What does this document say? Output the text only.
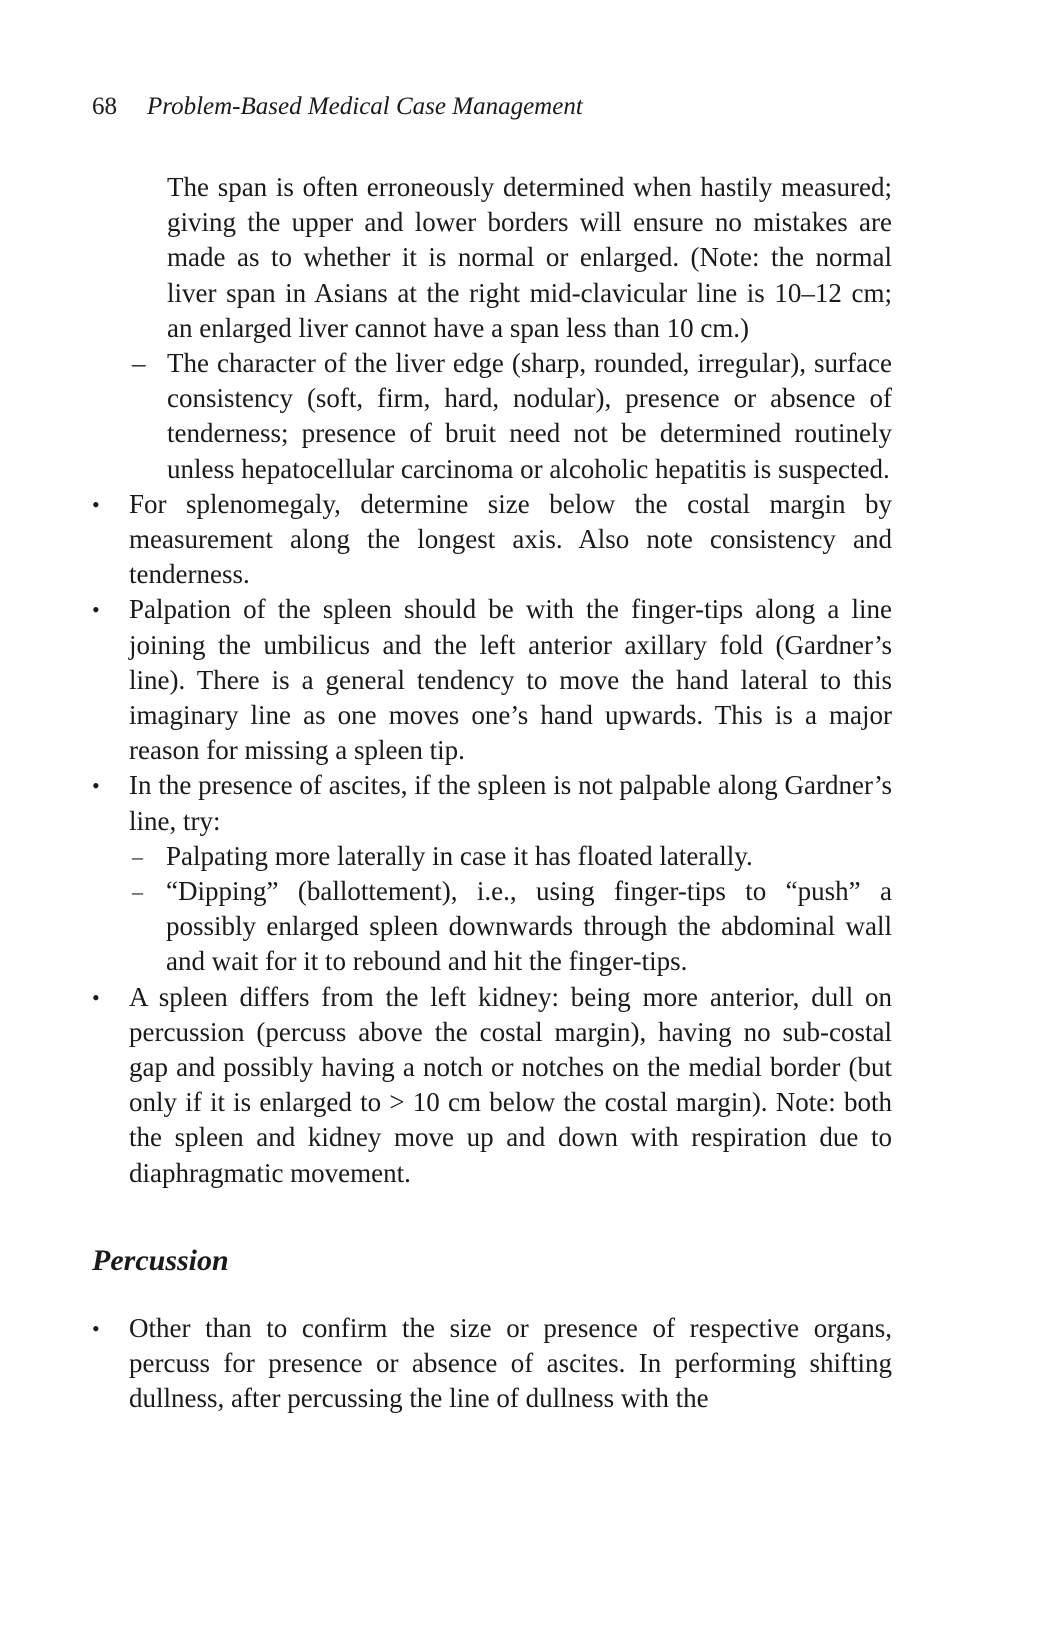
68 Problem-Based Medical Case Management

The span is often erroneously determined when hastily measured; giving the upper and lower borders will ensure no mistakes are made as to whether it is normal or enlarged. (Note: the normal liver span in Asians at the right mid-clavicular line is 10–12 cm; an enlarged liver cannot have a span less than 10 cm.)

– The character of the liver edge (sharp, rounded, irregular), surface consistency (soft, firm, hard, nodular), presence or absence of tenderness; presence of bruit need not be determined routinely unless hepatocellular carcinoma or alcoholic hepatitis is suspected.

• For splenomegaly, determine size below the costal margin by measurement along the longest axis. Also note consistency and tenderness.

• Palpation of the spleen should be with the finger-tips along a line joining the umbilicus and the left anterior axillary fold (Gardner’s line). There is a general tendency to move the hand lateral to this imaginary line as one moves one’s hand upwards. This is a major reason for missing a spleen tip.

• In the presence of ascites, if the spleen is not palpable along Gardner’s line, try:

– Palpating more laterally in case it has floated laterally.

– “Dipping” (ballottement), i.e., using finger-tips to “push” a possibly enlarged spleen downwards through the abdominal wall and wait for it to rebound and hit the finger-tips.

• A spleen differs from the left kidney: being more anterior, dull on percussion (percuss above the costal margin), having no sub-costal gap and possibly having a notch or notches on the medial border (but only if it is enlarged to > 10 cm below the costal margin). Note: both the spleen and kidney move up and down with respiration due to diaphragmatic movement.

Percussion
• Other than to confirm the size or presence of respective organs, percuss for presence or absence of ascites. In performing shifting dullness, after percussing the line of dullness with the
